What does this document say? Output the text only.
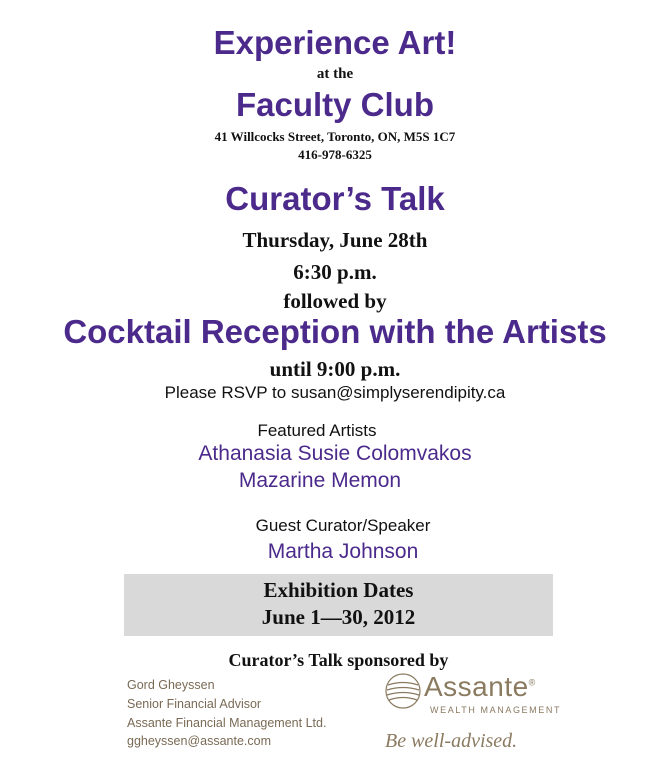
Experience Art!
at the
Faculty Club
41 Willcocks Street, Toronto, ON, M5S 1C7
416-978-6325
Curator’s Talk
Thursday, June 28th
6:30 p.m.
followed by
Cocktail Reception with the Artists
until 9:00 p.m.
Please RSVP to susan@simplyserendipity.ca
Featured Artists
Athanasia Susie Colomvakos
Mazarine Memon
Guest Curator/Speaker
Martha Johnson
Exhibition Dates
June 1—30, 2012
Curator’s Talk sponsored by
Gord Gheyssen
Senior Financial Advisor
Assante Financial Management Ltd.
ggheyssen@assante.com
Assante®
WEALTH MANAGEMENT
Be well-advised.
